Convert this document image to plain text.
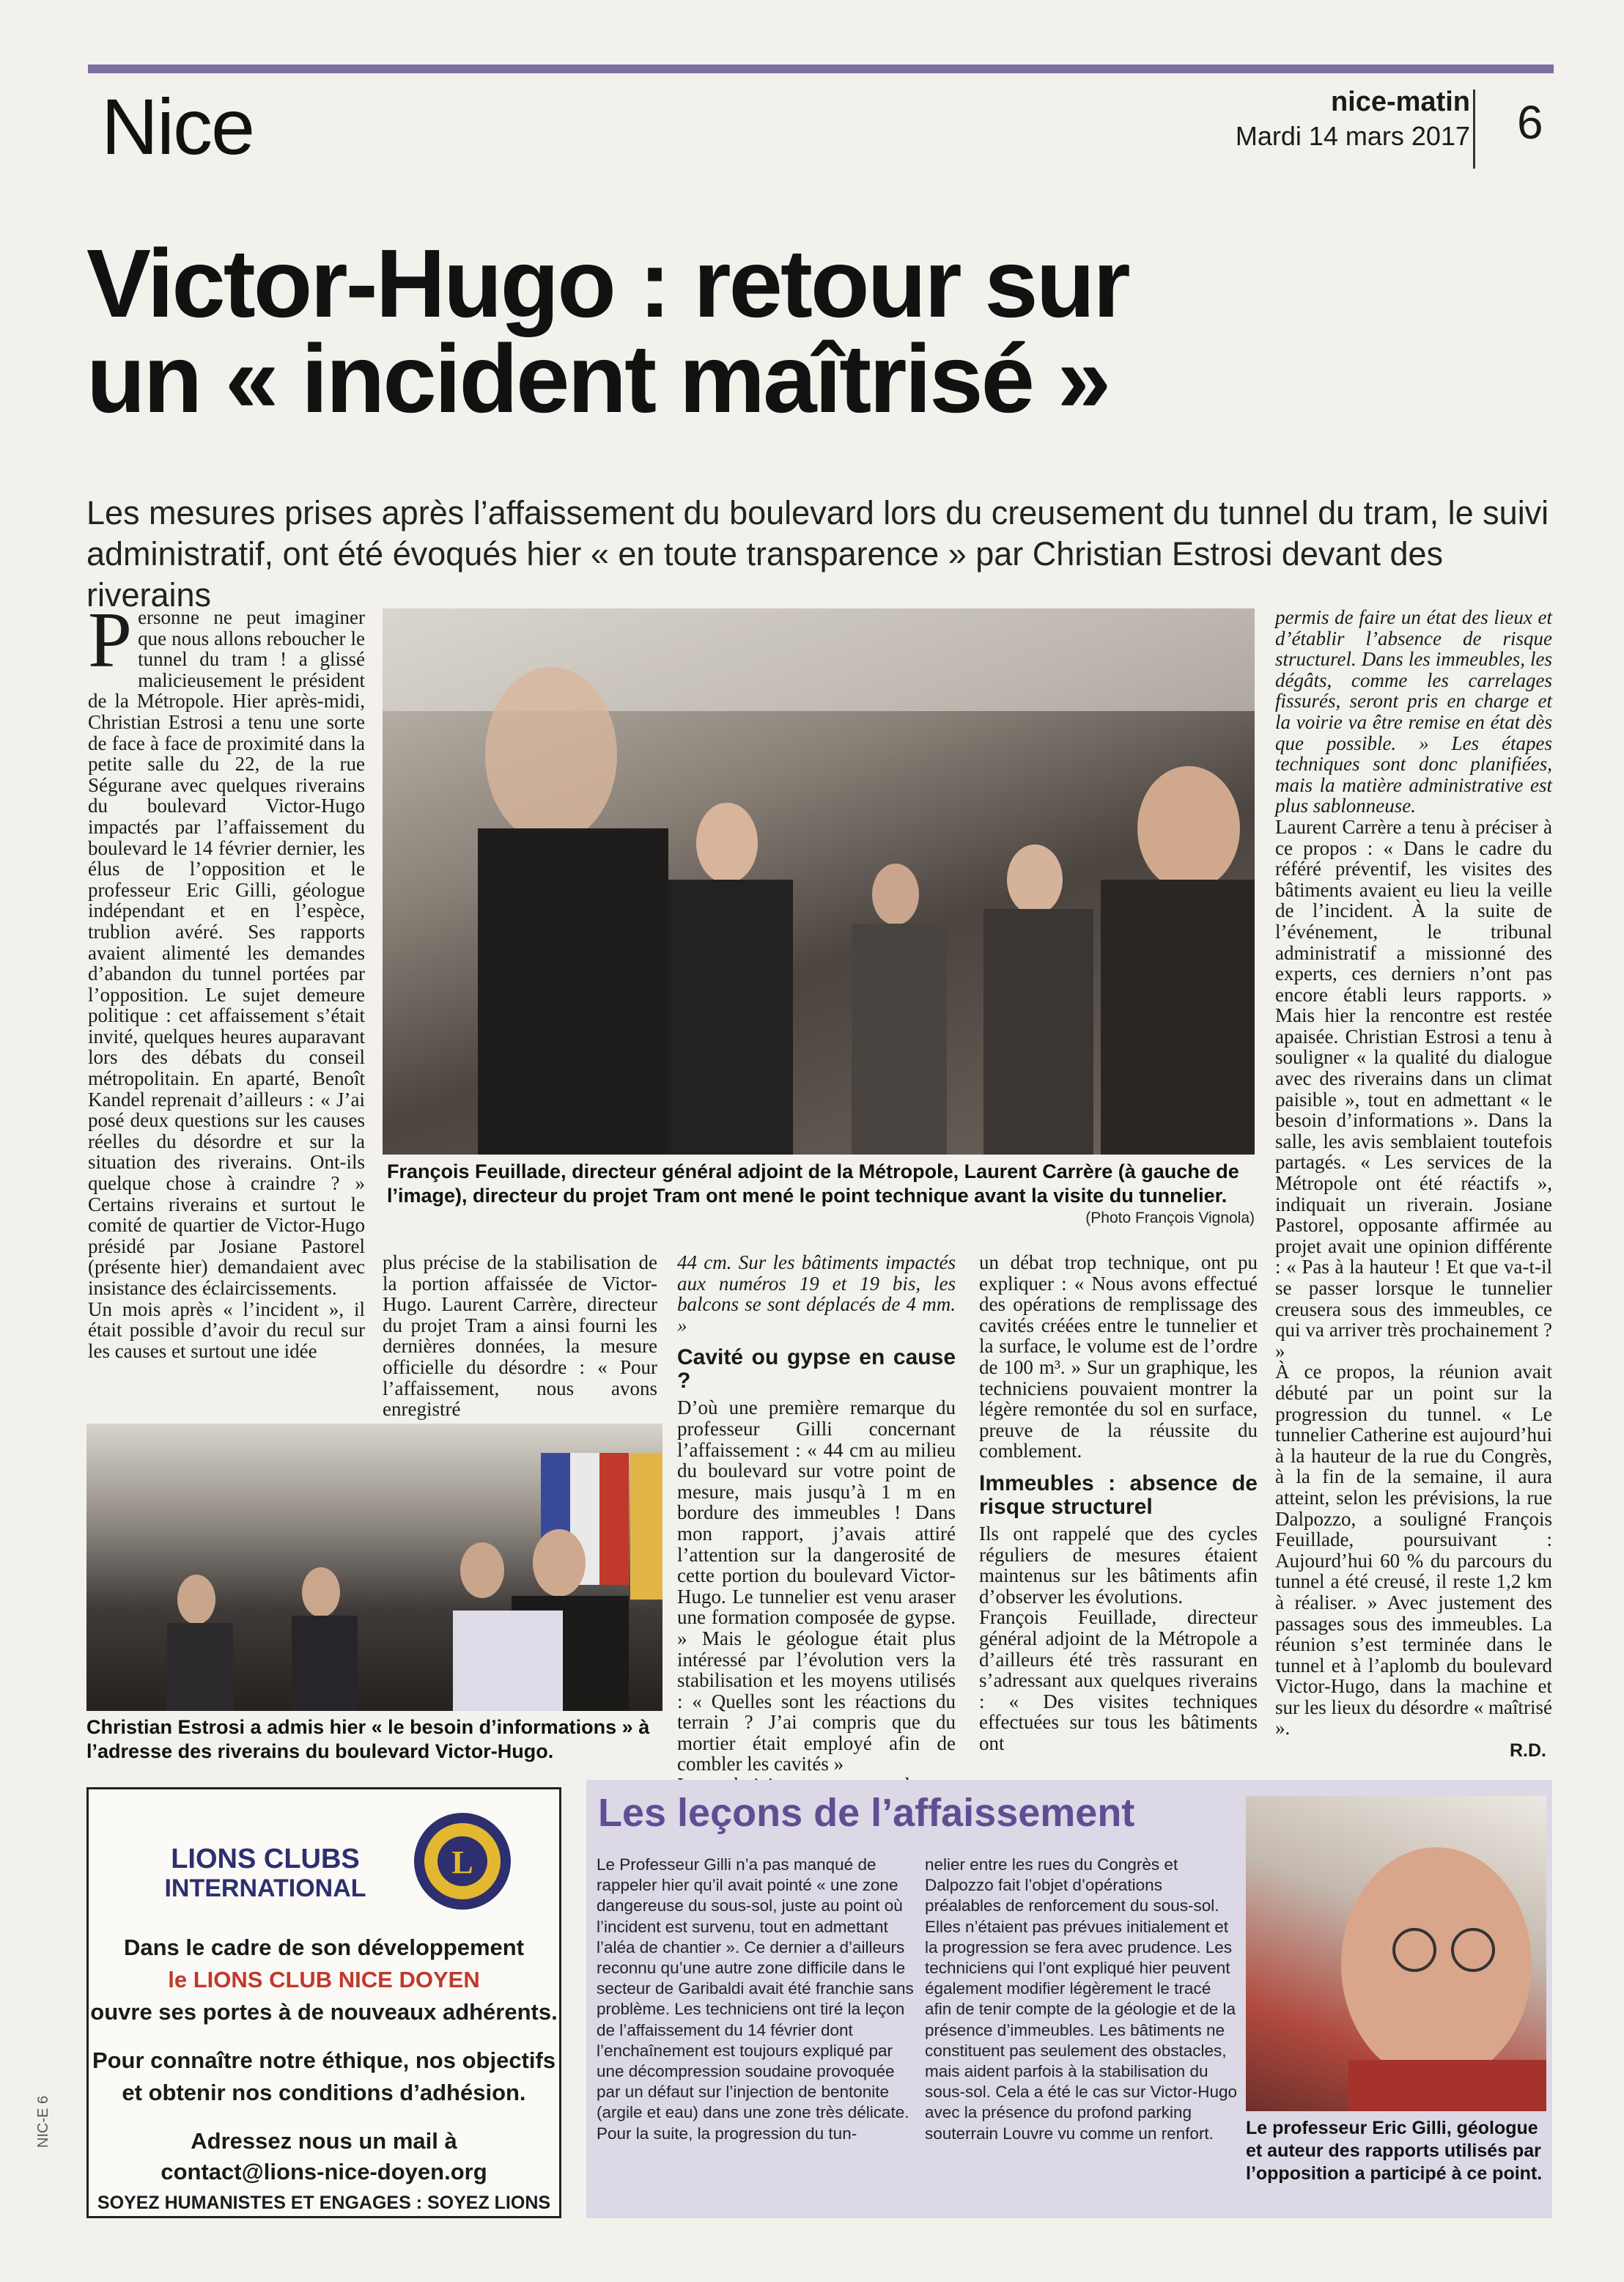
Nice	nice-matin
Mardi 14 mars 2017 6
Victor-Hugo : retour sur
un « incident maîtrisé »
Les mesures prises après l’affaissement du boulevard lors du creusement du tunnel du tram, le suivi administratif, ont été évoqués hier « en toute transparence » par Christian Estrosi devant des riverains
P ersonne ne peut imaginer que nous allons reboucher le tunnel du tram ! a glissé malicieusement le président de la Métropole. Hier après-midi, Christian Estrosi a tenu une sorte de face à face de proximité dans la petite salle du 22, de la rue Ségurane avec quelques riverains du boulevard Victor-Hugo impactés par l’affaissement du boulevard le 14 février dernier, les élus de l’opposition et le professeur Eric Gilli, géologue indépendant et en l’espèce, trublion avéré. Ses rapports avaient alimenté les demandes d’abandon du tunnel portées par l’opposition. Le sujet demeure politique : cet affaissement s’était invité, quelques heures auparavant lors des débats du conseil métropolitain. En aparté, Benoît Kandel reprenait d’ailleurs : « J’ai posé deux questions sur les causes réelles du désordre et sur la situation des riverains. Ont-ils quelque chose à craindre ? » Certains riverains et surtout le comité de quartier de Victor-Hugo présidé par Josiane Pastorel (présente hier) demandaient avec insistance des éclaircissements.

Un mois après « l’incident », il était possible d’avoir du recul sur les causes et surtout une idée

François Feuillade, directeur général adjoint de la Métropole, Laurent Carrère (à gauche de l’image), directeur du projet Tram ont mené le point technique avant la visite du tunnelier.
(Photo François Vignola)
Christian Estrosi a admis hier « le besoin d’informations » à l’adresse des riverains du boulevard Victor-Hugo.

plus précise de la stabilisation de la portion affaissée de Victor-Hugo. Laurent Carrère, directeur du projet Tram a ainsi fourni les dernières données, la mesure officielle du désordre : « Pour l’affaissement, nous avons enregistré

44 cm. Sur les bâtiments impactés aux numéros 19 et 19 bis, les balcons se sont déplacés de 4 mm. »

Cavité ou gypse en cause ?

D’où une première remarque du professeur Gilli concernant l’affaissement : « 44 cm au milieu du boulevard sur votre point de mesure, mais jusqu’à 1 m en bordure des immeubles ! Dans mon rapport, j’avais attiré l’attention sur la dangerosité de cette portion du boulevard Victor-Hugo. Le tunnelier est venu araser une formation composée de gypse. » Mais le géologue était plus intéressé par l’évolution vers la stabilisation et les moyens utilisés : « Quelles sont les réactions du terrain ? J’ai compris que du mortier était employé afin de combler les cavités »

un débat trop technique, ont pu expliquer : « Nous avons effectué des opérations de remplissage des cavités créées entre le tunnelier et la surface, le volume est de l’ordre de 100 m³. » Sur un graphique, les techniciens pouvaient montrer la légère remontée du sol en surface, preuve de la réussite du comblement.

Immeubles : absence de risque structurel

Ils ont rappelé que des cycles réguliers de mesures étaient maintenus sur les bâtiments afin d’observer les évolutions.

François Feuillade, directeur général adjoint de la Métropole a d’ailleurs été très rassurant en s’adressant aux quelques riverains : « Des visites techniques effectuées sur tous les bâtiments ont

permis de faire un état des lieux et d’établir l’absence de risque structurel. Dans les immeubles, les dégâts, comme les carrelages fissurés, seront pris en charge et la voirie va être remise en état dès que possible. » Les étapes techniques sont donc planifiées, mais la matière administrative est plus sablonneuse.

Laurent Carrère a tenu à préciser à ce propos : « Dans le cadre du référé préventif, les visites des bâtiments avaient eu lieu la veille de l’incident. À la suite de l’événement, le tribunal administratif a missionné des experts, ces derniers n’ont pas encore établi leurs rapports. » Mais hier la rencontre est restée apaisée. Christian Estrosi a tenu à souligner « la qualité du dialogue avec des riverains dans un climat paisible », tout en admettant « le besoin d’informations ». Dans la salle, les avis semblaient toutefois partagés. « Les services de la Métropole ont été réactifs », indiquait un riverain. Josiane Pastorel, opposante affirmée au projet avait une opinion différente : « Pas à la hauteur ! Et que va-t-il se passer lorsque le tunnelier creusera sous des immeubles, ce qui va arriver très prochainement ? »

À ce propos, la réunion avait débuté par un point sur la progression du tunnel. « Le tunnelier Catherine est aujourd’hui à la hauteur de la rue du Congrès, à la fin de la semaine, il aura atteint, selon les prévisions, la rue Dalpozzo, a souligné François Feuillade, poursuivant : Aujourd’hui 60 % du parcours du tunnel a été creusé, il reste 1,2 km à réaliser. » Avec justement des passages sous des immeubles. La réunion s’est terminée dans le tunnel et à l’aplomb du boulevard Victor-Hugo, dans la machine et sur les lieux du désordre « maîtrisé ».

R.D.
LIONS CLUBS
INTERNATIONAL
L
Dans le cadre de son développement
le LIONS CLUB NICE DOYEN
ouvre ses portes à de nouveaux adhérents.
Pour connaître notre éthique, nos objectifs
et obtenir nos conditions d’adhésion.
Adressez nous un mail à
contact@lions-nice-doyen.org
SOYEZ HUMANISTES ET ENGAGES : SOYEZ LIONS
Les leçons de l’affaissement
Le Professeur Gilli n’a pas manqué de rappeler hier qu’il avait pointé « une zone dangereuse du sous-sol, juste au point où l’incident est survenu, tout en admettant l’aléa de chantier ». Ce dernier a d’ailleurs reconnu qu’une autre zone difficile dans le secteur de Garibaldi avait été franchie sans problème. Les techniciens ont tiré la leçon de l’affaissement du 14 février dont l’enchaînement est toujours expliqué par une décompression soudaine provoquée par un défaut sur l’injection de bentonite (argile et eau) dans une zone très délicate. Pour la suite, la progression du tun-
nelier entre les rues du Congrès et Dalpozzo fait l’objet d’opérations préalables de renforcement du sous-sol. Elles n’étaient pas prévues initialement et la progression se fera avec prudence. Les techniciens qui l’ont expliqué hier peuvent également modifier légèrement le tracé afin de tenir compte de la géologie et de la présence d’immeubles. Les bâtiments ne constituent pas seulement des obstacles, mais aident parfois à la stabilisation du sous-sol. Cela a été le cas sur Victor-Hugo avec la présence du profond parking souterrain Louvre vu comme un renfort.	Le professeur Eric Gilli, géologue et auteur des rapports utilisés par l’opposition a participé à ce point.
NIC-E 6
